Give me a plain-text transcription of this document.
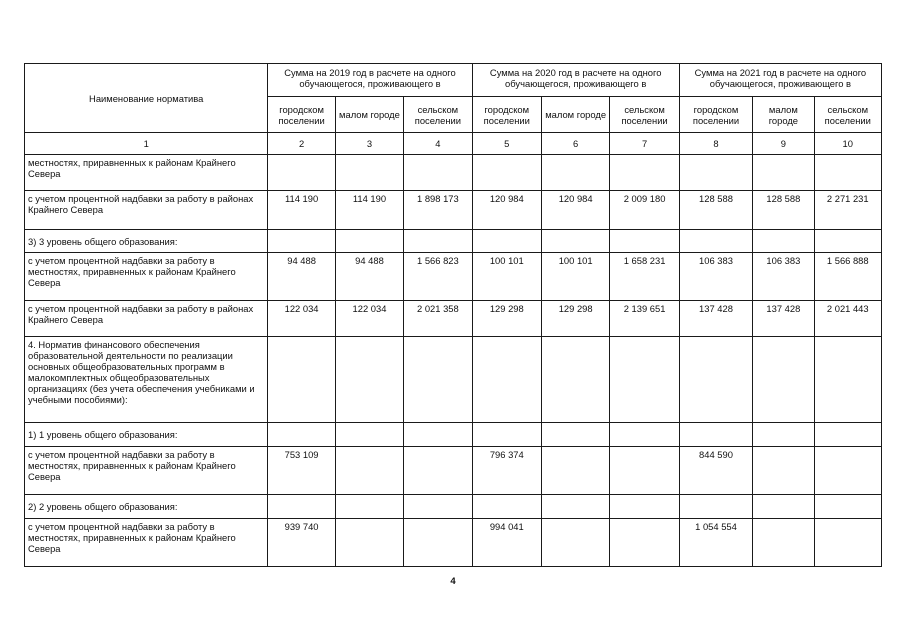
Наименование норматива	Сумма на 2019 год в расчете на одного обучающегося, проживающего в			Сумма на 2020 год в расчете на одного обучающегося, проживающего в			Сумма на 2021 год в расчете на одного обучающегося, проживающего в		
	городском поселении	малом городе	сельском поселении	городском поселении	малом городе	сельском поселении	городском поселении	малом городе	сельском поселении
1	2	3	4	5	6	7	8	9	10
местностях, приравненных к районам Крайнего Севера									
с учетом процентной надбавки за работу в районах Крайнего Севера	114 190	114 190	1 898 173	120 984	120 984	2 009 180	128 588	128 588	2 271 231
3) 3 уровень общего образования:									
с учетом процентной надбавки за работу в местностях, приравненных к районам Крайнего Севера	94 488	94 488	1 566 823	100 101	100 101	1 658 231	106 383	106 383	1 566 888
с учетом процентной надбавки за работу в районах Крайнего Севера	122 034	122 034	2 021 358	129 298	129 298	2 139 651	137 428	137 428	2 021 443
4. Норматив финансового обеспечения образовательной деятельности по реализации основных общеобразовательных программ в малокомплектных общеобразовательных организациях (без учета обеспечения учебниками и учебными пособиями):									
1) 1 уровень общего образования:									
с учетом процентной надбавки за работу в местностях, приравненных к районам Крайнего Севера	753 109			796 374			844 590		
2) 2 уровень общего образования:									
с учетом процентной надбавки за работу в местностях, приравненных к районам Крайнего Севера	939 740			994 041			1 054 554		
4
